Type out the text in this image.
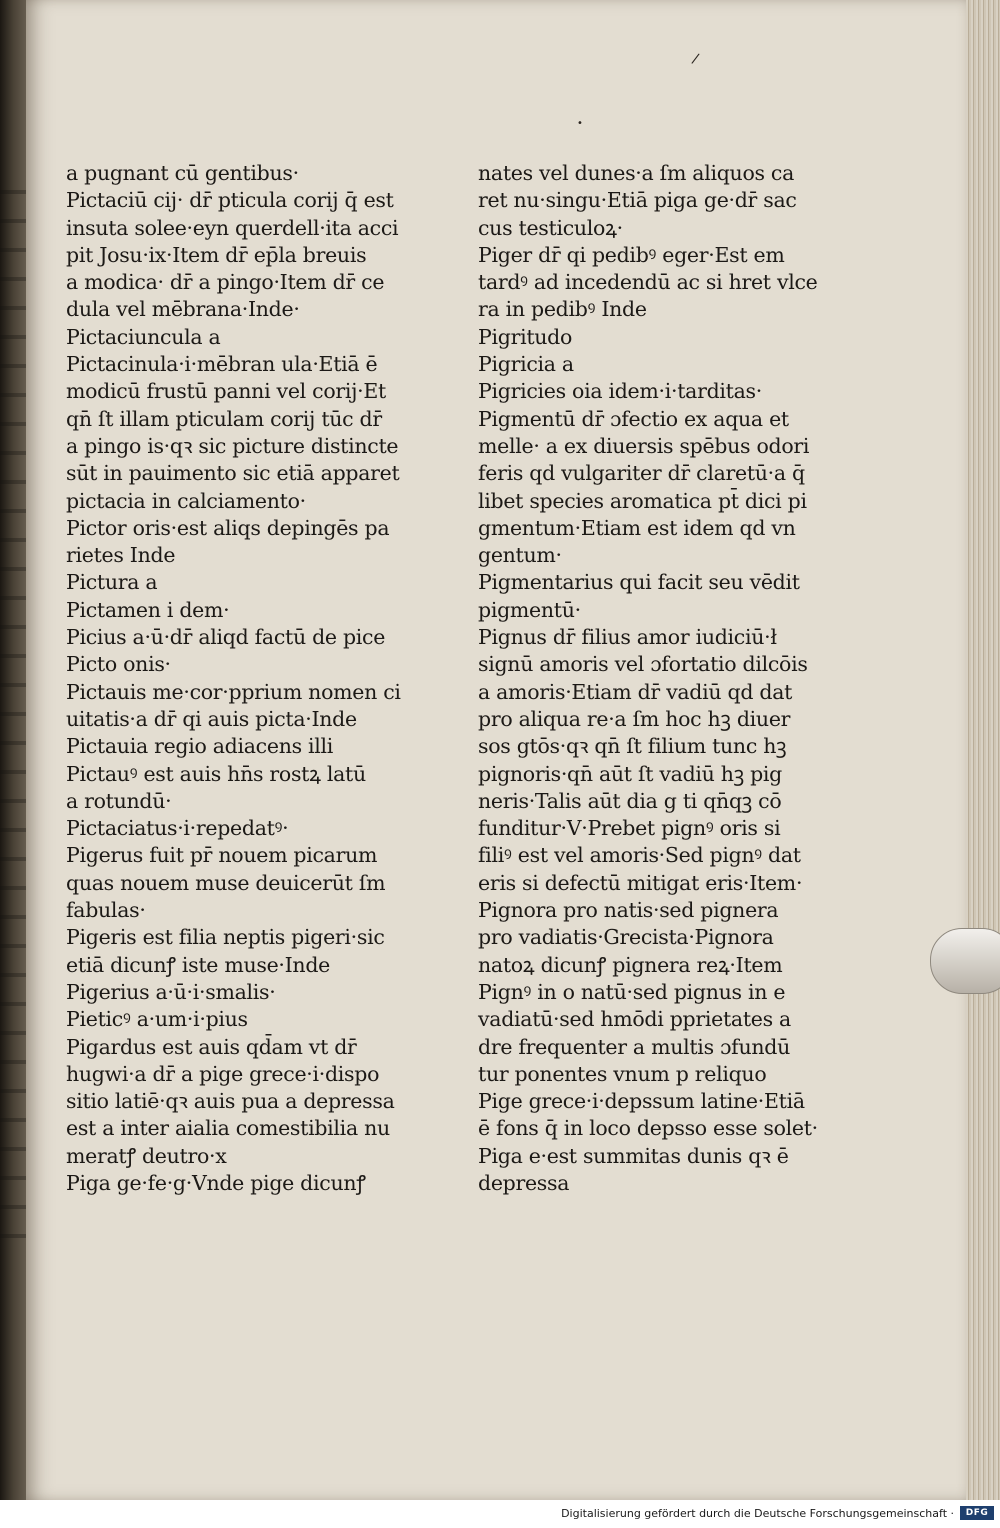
/
•
a pugnant cū gentibus·
Pictaciū cij· dr̄ pticula corij q̄ est
insuta solee·eyn querdell·ita acci
pit Josu·ix·Item dr̄ ep̄la breuis
a modica· dr̄ a pingo·Item dr̄ ce
dula vel mēbrana·Inde·
Pictaciuncula a
Pictacinula·i·mēbran ula·Etiā ē
modicū frustū panni vel corij·Et
qn̄ ſt illam pticulam corij tūc dr̄
a pingo is·qꝛ sic picture distincte
sūt in pauimento sic etiā apparet
pictacia in calciamento·
Pictor oris·est aliqs depingēs pa
rietes Inde
Pictura a
Pictamen i dem·
Picius a·ū·dr̄ aliqd factū de pice
Picto onis·
Pictauis me·cor·pprium nomen ci
uitatis·a dr̄ qi auis picta·Inde
Pictauia regio adiacens illi
Pictauꝰ est auis hn̄s rostꝝ latū
a rotundū·
Pictaciatus·i·repedatꝰ·
Pigerus fuit pr̄ nouem picarum
quas nouem muse deuicerūt ſm
fabulas·
Pigeris est filia neptis pigeri·sic
etiā dicunꝭ iste muse·Inde
Pigerius a·ū·i·smalis·
Pieticꝰ a·um·i·pius
Pigardus est auis qd̄am vt dr̄
hugwi·a dr̄ a pige grece·i·dispo
sitio latiē·qꝛ auis pua a depressa
est a inter aialia comestibilia nu
meratꝭ deutro·x
Piga ge·fe·g·Vnde pige dicunꝭ
nates vel dunes·a ſm aliquos ca
ret nu·singu·Etiā piga ge·dr̄ sac
cus testiculoꝝ·
Piger dr̄ qi pedibꝰ eger·Est em
tardꝰ ad incedendū ac si hret vlce
ra in pedibꝰ Inde
Pigritudo
Pigricia a
Pigricies oia idem·i·tarditas·
Pigmentū dr̄ ɔfectio ex aqua et
melle· a ex diuersis spēbus odori
feris qd vulgariter dr̄ claretū·a q̄
libet species aromatica pt̄ dici pi
gmentum·Etiam est idem qd vn
gentum·
Pigmentarius qui facit seu vēdit
pigmentū·
Pignus dr̄ filius amor iudiciū·ł
signū amoris vel ɔfortatio dilcōis
a amoris·Etiam dr̄ vadiū qd dat
pro aliqua re·a ſm hoc hꝫ diuer
sos gtōs·qꝛ qn̄ ſt filium tunc hꝫ
pignoris·qn̄ aūt ſt vadiū hꝫ pig
neris·Talis aūt dia g ti qn̄qꝫ cō
funditur·V·Prebet pignꝰ oris si
filiꝰ est vel amoris·Sed pignꝰ dat
eris si defectū mitigat eris·Item·
Pignora pro natis·sed pignera
pro vadiatis·Grecista·Pignora
natoꝝ dicunꝭ pignera reꝝ·Item
Pignꝰ in o natū·sed pignus in e
vadiatū·sed hmōdi pprietates a
dre frequenter a multis ɔfundū
tur ponentes vnum p reliquo
Pige grece·i·depssum latine·Etiā
ē fons q̄ in loco depsso esse solet·
Piga e·est summitas dunis qꝛ ē
depressa
Digitalisierung gefördert durch die Deutsche Forschungsgemeinschaft ·	DFG
